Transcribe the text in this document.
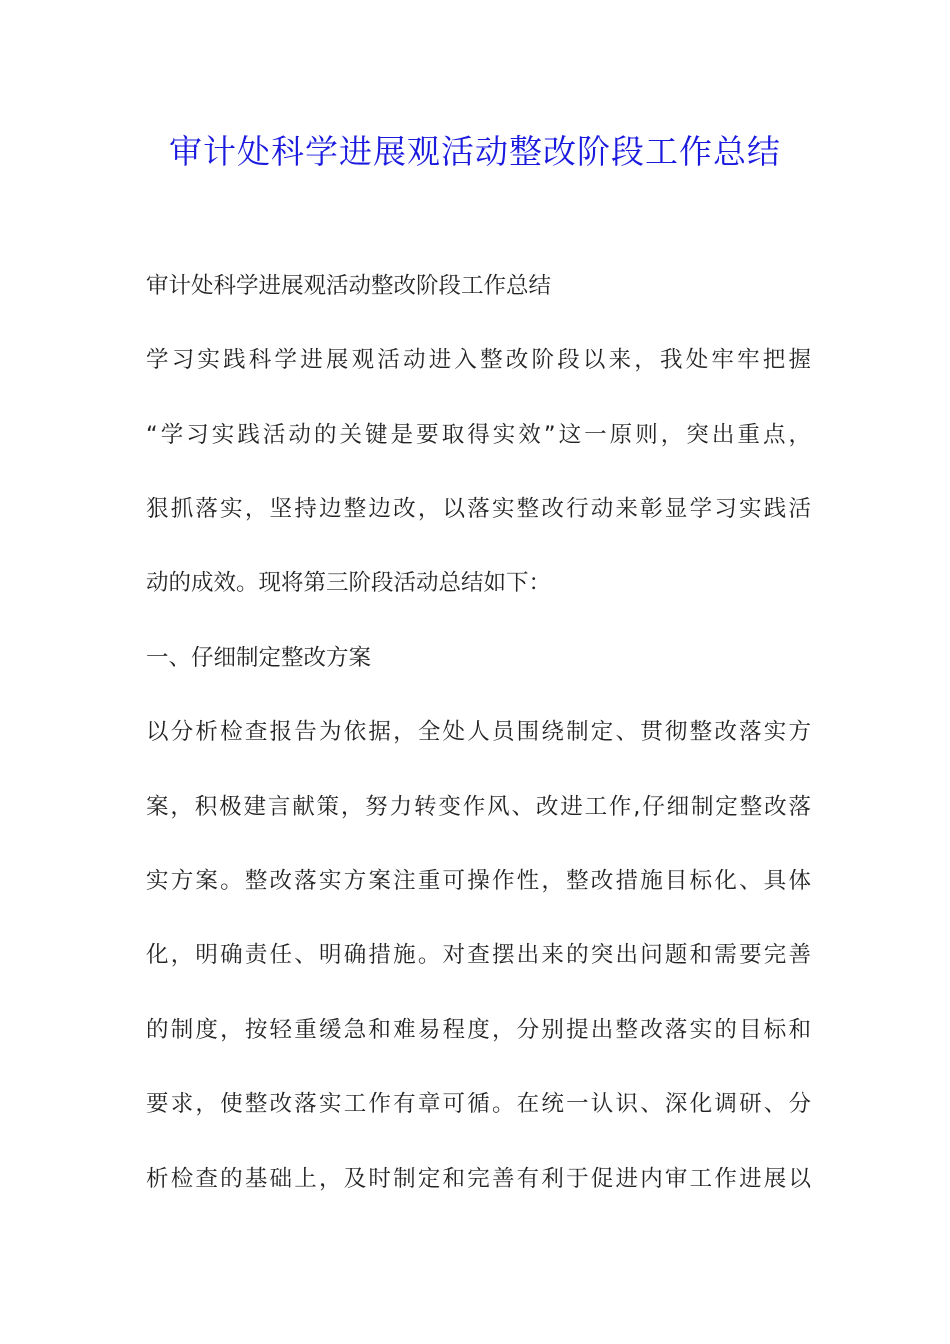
审计处科学进展观活动整改阶段工作总结

审计处科学进展观活动整改阶段工作总结

学习实践科学进展观活动进入整改阶段以来，我处牢牢把握

“学习实践活动的关键是要取得实效”这一原则，突出重点，

狠抓落实，坚持边整边改，以落实整改行动来彰显学习实践活

动的成效。现将第三阶段活动总结如下：

一、仔细制定整改方案

以分析检查报告为依据，全处人员围绕制定、贯彻整改落实方

案，积极建言献策，努力转变作风、改进工作,仔细制定整改落

实方案。整改落实方案注重可操作性，整改措施目标化、具体

化，明确责任、明确措施。对查摆出来的突出问题和需要完善

的制度，按轻重缓急和难易程度，分别提出整改落实的目标和

要求，使整改落实工作有章可循。在统一认识、深化调研、分

析检查的基础上，及时制定和完善有利于促进内审工作进展以
